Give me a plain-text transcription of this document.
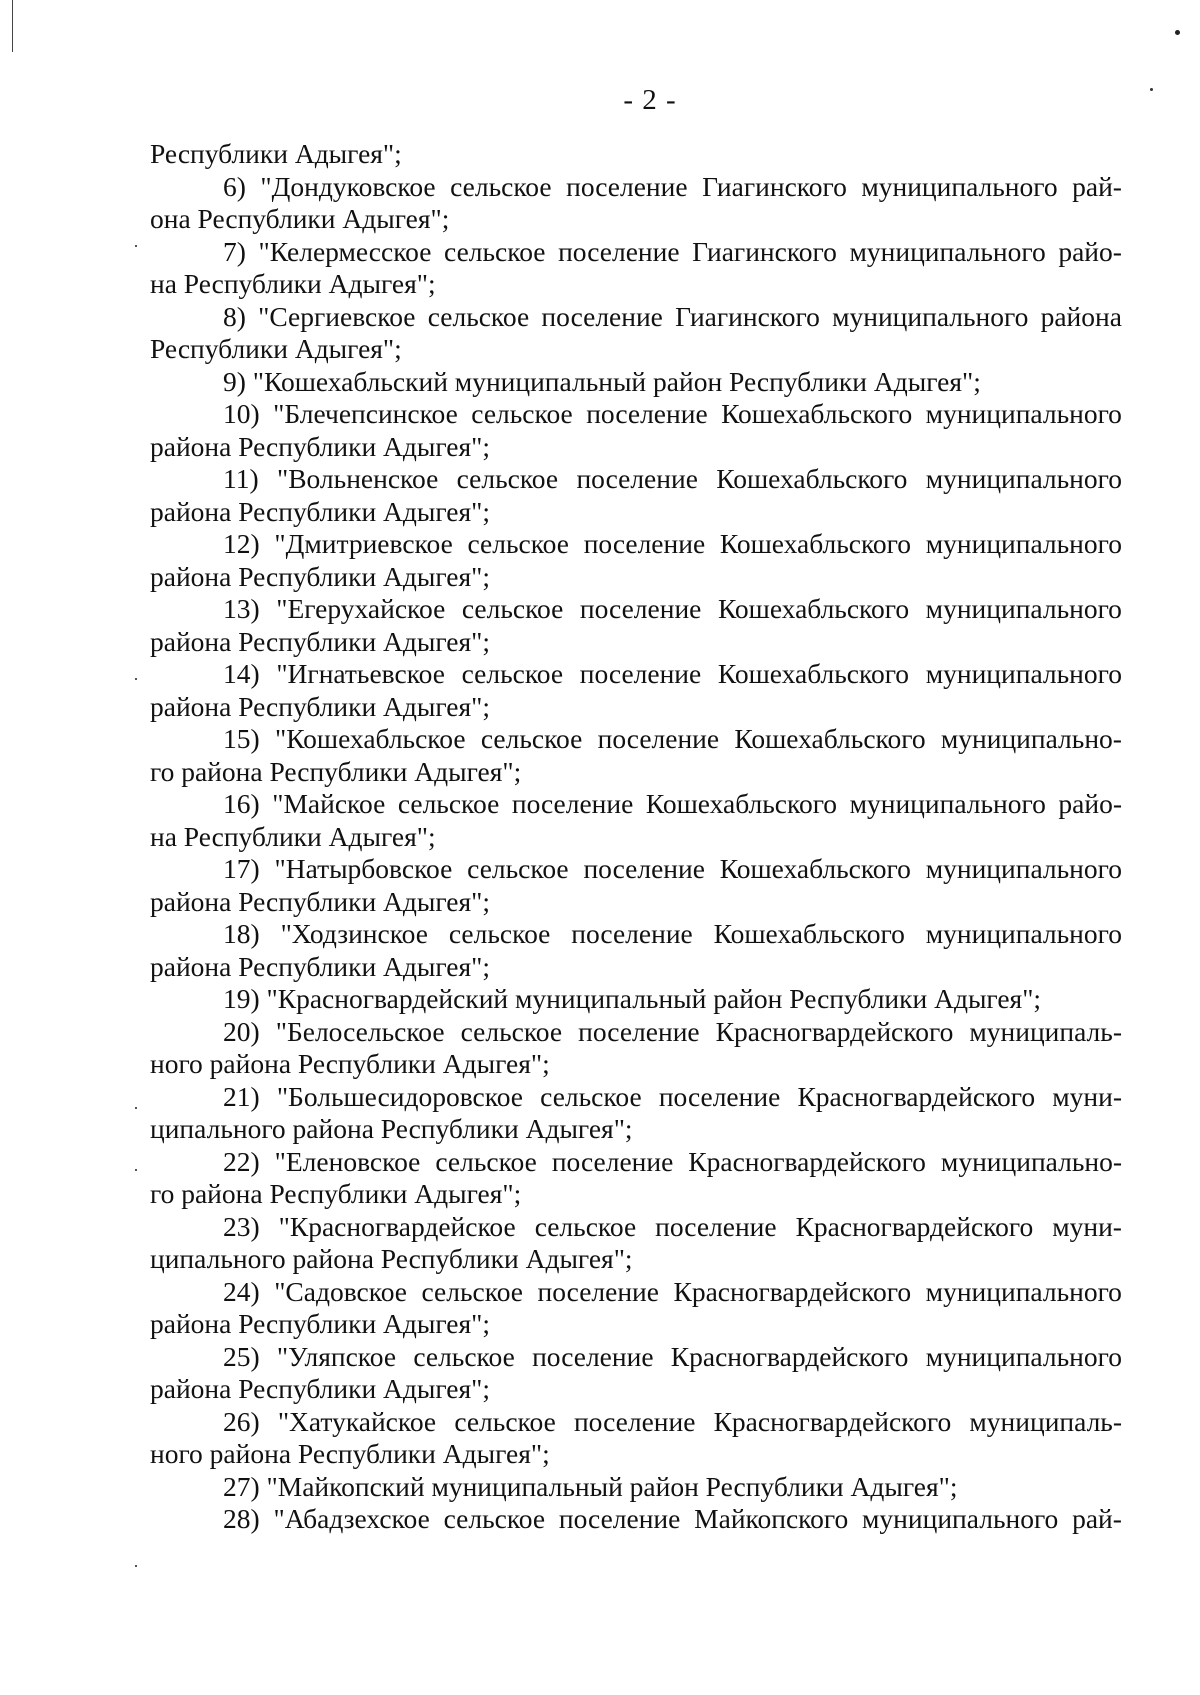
- 2 -
Республики Адыгея";
6) "Дондуковское сельское поселение Гиагинского муниципального рай-
она Республики Адыгея";
7) "Келермесское сельское поселение Гиагинского муниципального райо-
на Республики Адыгея";
8) "Сергиевское сельское поселение Гиагинского муниципального района
Республики Адыгея";
9) "Кошехабльский муниципальный район Республики Адыгея";
10) "Блечепсинское сельское поселение Кошехабльского муниципального
района Республики Адыгея";
11) "Вольненское сельское поселение Кошехабльского муниципального
района Республики Адыгея";
12) "Дмитриевское сельское поселение Кошехабльского муниципального
района Республики Адыгея";
13) "Егерухайское сельское поселение Кошехабльского муниципального
района Республики Адыгея";
14) "Игнатьевское сельское поселение Кошехабльского муниципального
района Республики Адыгея";
15) "Кошехабльское сельское поселение Кошехабльского муниципально-
го района Республики Адыгея";
16) "Майское сельское поселение Кошехабльского муниципального райо-
на Республики Адыгея";
17) "Натырбовское сельское поселение Кошехабльского муниципального
района Республики Адыгея";
18) "Ходзинское сельское поселение Кошехабльского муниципального
района Республики Адыгея";
19) "Красногвардейский муниципальный район Республики Адыгея";
20) "Белосельское сельское поселение Красногвардейского муниципаль-
ного района Республики Адыгея";
21) "Большесидоровское сельское поселение Красногвардейского муни-
ципального района Республики Адыгея";
22) "Еленовское сельское поселение Красногвардейского муниципально-
го района Республики Адыгея";
23) "Красногвардейское сельское поселение Красногвардейского муни-
ципального района Республики Адыгея";
24) "Садовское сельское поселение Красногвардейского муниципального
района Республики Адыгея";
25) "Уляпское сельское поселение Красногвардейского муниципального
района Республики Адыгея";
26) "Хатукайское сельское поселение Красногвардейского муниципаль-
ного района Республики Адыгея";
27) "Майкопский муниципальный район Республики Адыгея";
28) "Абадзехское сельское поселение Майкопского муниципального рай-
